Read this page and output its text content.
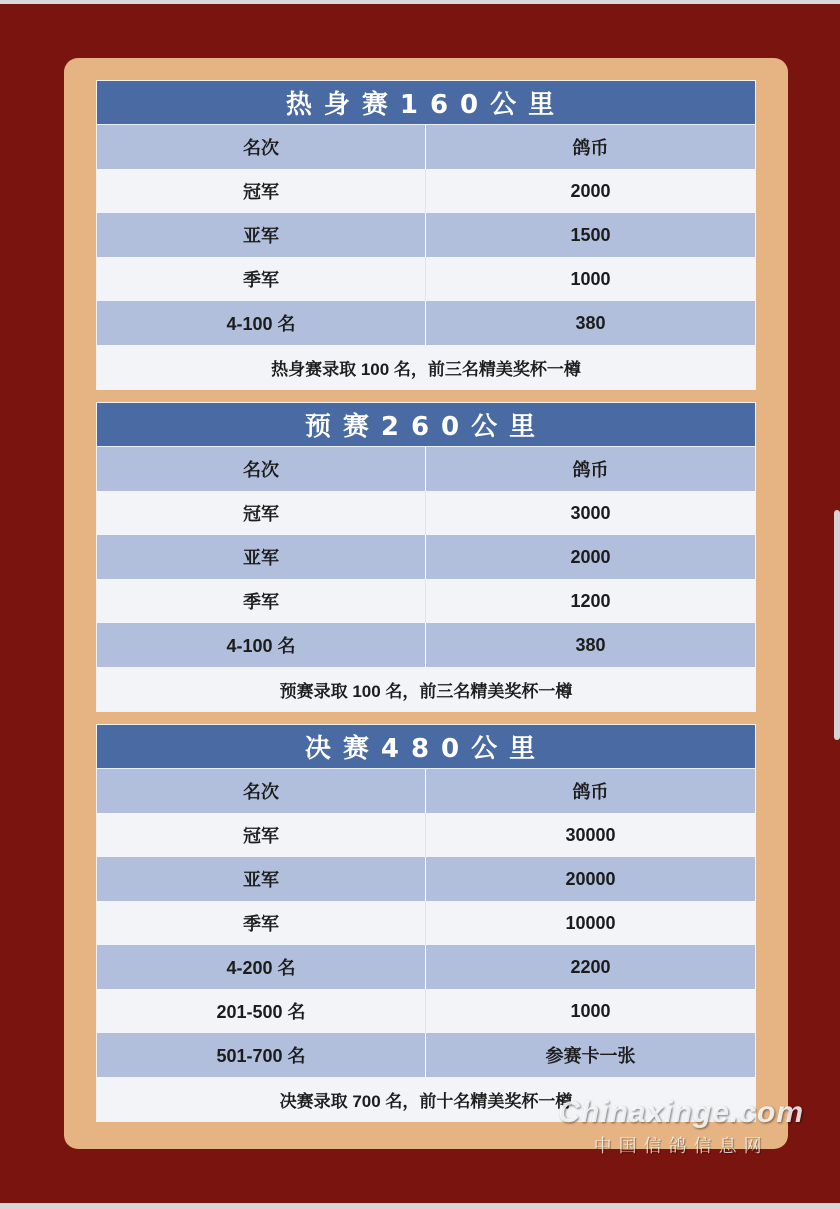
热身赛160公里
名次	鸽币
冠军	2000
亚军	1500
季军	1000
4-100 名	380
热身赛录取 100 名，前三名精美奖杯一樽
预赛260公里
名次	鸽币
冠军	3000
亚军	2000
季军	1200
4-100 名	380
预赛录取 100 名，前三名精美奖杯一樽
决赛480公里
名次	鸽币
冠军	30000
亚军	20000
季军	10000
4-200 名	2200
201-500 名	1000
501-700 名	参赛卡一张
决赛录取 700 名，前十名精美奖杯一樽
Chinaxinge.com
中国信鸽信息网
